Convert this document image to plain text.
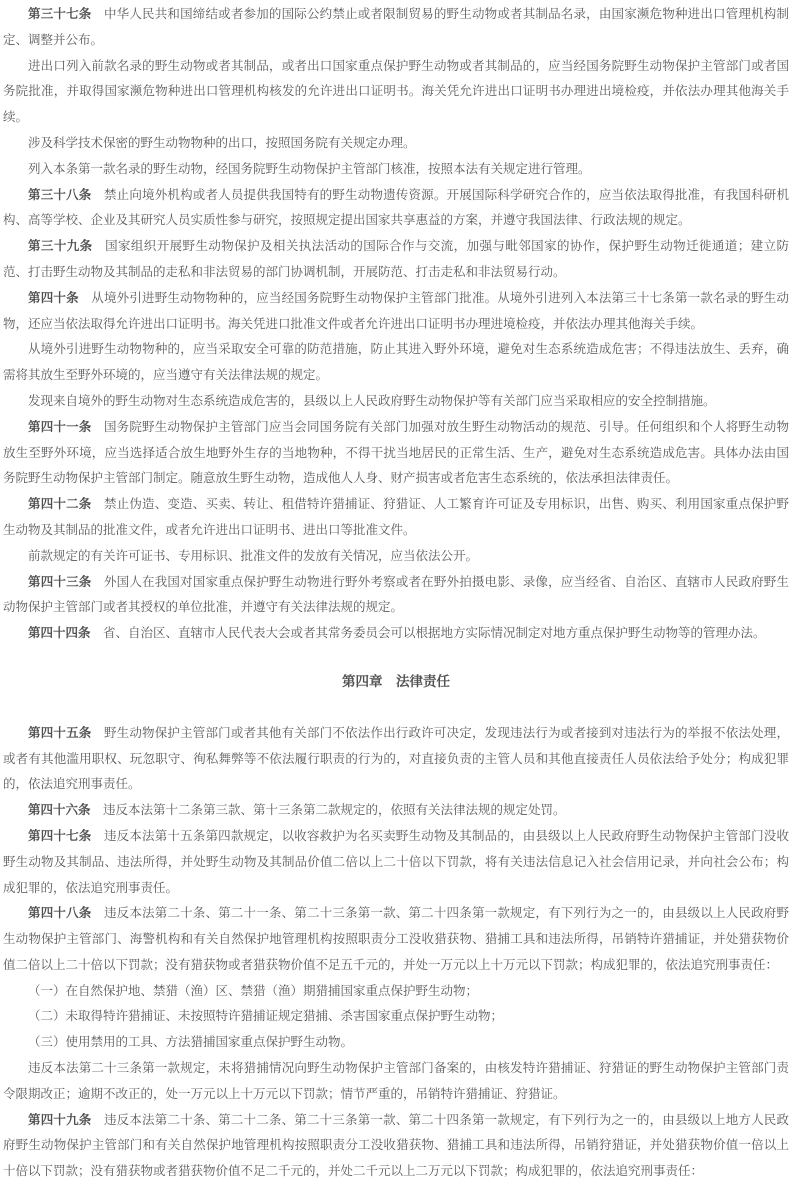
第三十七条 中华人民共和国缔结或者参加的国际公约禁止或者限制贸易的野生动物或者其制品名录，由国家濒危物种进出口管理机构制定、调整并公布。

进出口列入前款名录的野生动物或者其制品，或者出口国家重点保护野生动物或者其制品的，应当经国务院野生动物保护主管部门或者国务院批准，并取得国家濒危物种进出口管理机构核发的允许进出口证明书。海关凭允许进出口证明书办理进出境检疫，并依法办理其他海关手续。

涉及科学技术保密的野生动物物种的出口，按照国务院有关规定办理。

列入本条第一款名录的野生动物，经国务院野生动物保护主管部门核准，按照本法有关规定进行管理。

第三十八条 禁止向境外机构或者人员提供我国特有的野生动物遗传资源。开展国际科学研究合作的，应当依法取得批准，有我国科研机构、高等学校、企业及其研究人员实质性参与研究，按照规定提出国家共享惠益的方案，并遵守我国法律、行政法规的规定。

第三十九条 国家组织开展野生动物保护及相关执法活动的国际合作与交流，加强与毗邻国家的协作，保护野生动物迁徙通道；建立防范、打击野生动物及其制品的走私和非法贸易的部门协调机制，开展防范、打击走私和非法贸易行动。

第四十条 从境外引进野生动物物种的，应当经国务院野生动物保护主管部门批准。从境外引进列入本法第三十七条第一款名录的野生动物，还应当依法取得允许进出口证明书。海关凭进口批准文件或者允许进出口证明书办理进境检疫，并依法办理其他海关手续。

从境外引进野生动物物种的，应当采取安全可靠的防范措施，防止其进入野外环境，避免对生态系统造成危害；不得违法放生、丢弃，确需将其放生至野外环境的，应当遵守有关法律法规的规定。

发现来自境外的野生动物对生态系统造成危害的，县级以上人民政府野生动物保护等有关部门应当采取相应的安全控制措施。

第四十一条 国务院野生动物保护主管部门应当会同国务院有关部门加强对放生野生动物活动的规范、引导。任何组织和个人将野生动物放生至野外环境，应当选择适合放生地野外生存的当地物种，不得干扰当地居民的正常生活、生产，避免对生态系统造成危害。具体办法由国务院野生动物保护主管部门制定。随意放生野生动物，造成他人人身、财产损害或者危害生态系统的，依法承担法律责任。

第四十二条 禁止伪造、变造、买卖、转让、租借特许猎捕证、狩猎证、人工繁育许可证及专用标识，出售、购买、利用国家重点保护野生动物及其制品的批准文件，或者允许进出口证明书、进出口等批准文件。

前款规定的有关许可证书、专用标识、批准文件的发放有关情况，应当依法公开。

第四十三条 外国人在我国对国家重点保护野生动物进行野外考察或者在野外拍摄电影、录像，应当经省、自治区、直辖市人民政府野生动物保护主管部门或者其授权的单位批准，并遵守有关法律法规的规定。

第四十四条 省、自治区、直辖市人民代表大会或者其常务委员会可以根据地方实际情况制定对地方重点保护野生动物等的管理办法。

第四章　法律责任

第四十五条 野生动物保护主管部门或者其他有关部门不依法作出行政许可决定，发现违法行为或者接到对违法行为的举报不依法处理，或者有其他滥用职权、玩忽职守、徇私舞弊等不依法履行职责的行为的，对直接负责的主管人员和其他直接责任人员依法给予处分；构成犯罪的，依法追究刑事责任。

第四十六条 违反本法第十二条第三款、第十三条第二款规定的，依照有关法律法规的规定处罚。

第四十七条 违反本法第十五条第四款规定，以收容救护为名买卖野生动物及其制品的，由县级以上人民政府野生动物保护主管部门没收野生动物及其制品、违法所得，并处野生动物及其制品价值二倍以上二十倍以下罚款，将有关违法信息记入社会信用记录，并向社会公布；构成犯罪的，依法追究刑事责任。

第四十八条 违反本法第二十条、第二十一条、第二十三条第一款、第二十四条第一款规定，有下列行为之一的，由县级以上人民政府野生动物保护主管部门、海警机构和有关自然保护地管理机构按照职责分工没收猎获物、猎捕工具和违法所得，吊销特许猎捕证，并处猎获物价值二倍以上二十倍以下罚款；没有猎获物或者猎获物价值不足五千元的，并处一万元以上十万元以下罚款；构成犯罪的，依法追究刑事责任：

（一）在自然保护地、禁猎（渔）区、禁猎（渔）期猎捕国家重点保护野生动物；

（二）未取得特许猎捕证、未按照特许猎捕证规定猎捕、杀害国家重点保护野生动物；

（三）使用禁用的工具、方法猎捕国家重点保护野生动物。

违反本法第二十三条第一款规定，未将猎捕情况向野生动物保护主管部门备案的，由核发特许猎捕证、狩猎证的野生动物保护主管部门责令限期改正；逾期不改正的，处一万元以上十万元以下罚款；情节严重的，吊销特许猎捕证、狩猎证。

第四十九条 违反本法第二十条、第二十二条、第二十三条第一款、第二十四条第一款规定，有下列行为之一的，由县级以上地方人民政府野生动物保护主管部门和有关自然保护地管理机构按照职责分工没收猎获物、猎捕工具和违法所得，吊销狩猎证，并处猎获物价值一倍以上十倍以下罚款；没有猎获物或者猎获物价值不足二千元的，并处二千元以上二万元以下罚款；构成犯罪的，依法追究刑事责任：
